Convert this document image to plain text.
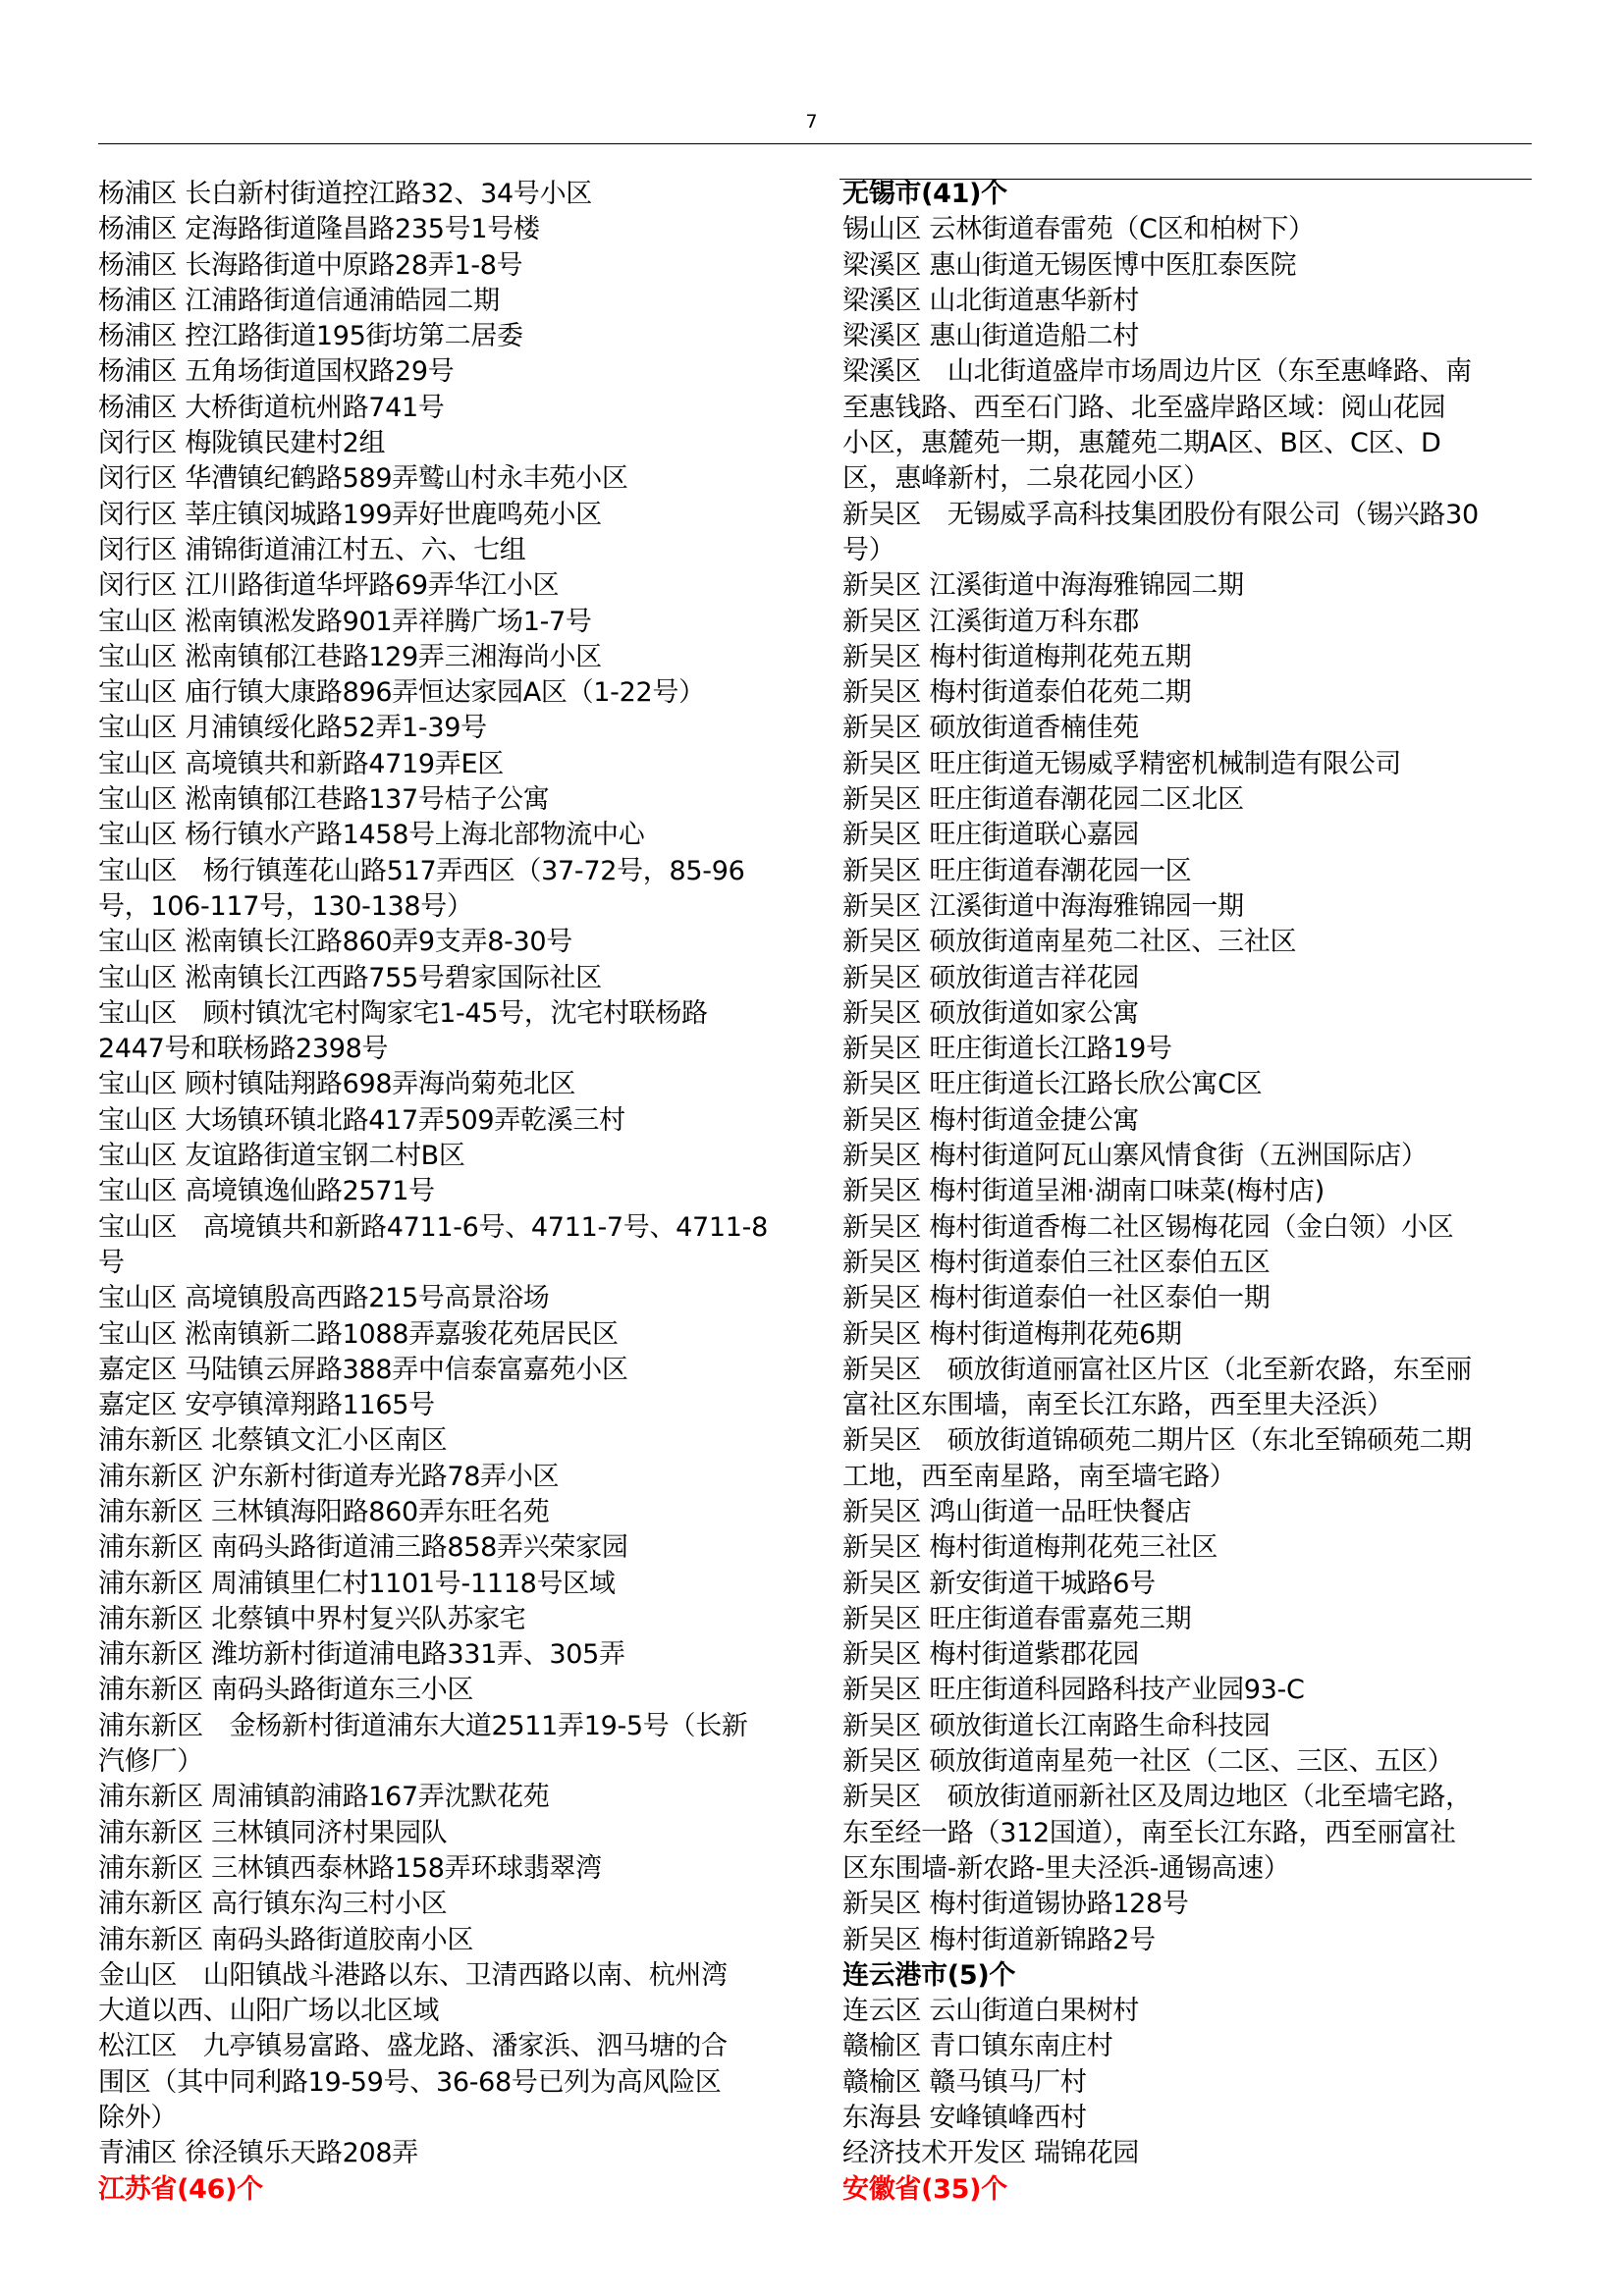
7
杨浦区 长白新村街道控江路32、34号小区
杨浦区 定海路街道隆昌路235号1号楼
杨浦区 长海路街道中原路28弄1-8号
杨浦区 江浦路街道信通浦皓园二期
杨浦区 控江路街道195街坊第二居委
杨浦区 五角场街道国权路29号
杨浦区 大桥街道杭州路741号
闵行区 梅陇镇民建村2组
闵行区 华漕镇纪鹤路589弄鹫山村永丰苑小区
闵行区 莘庄镇闵城路199弄好世鹿鸣苑小区
闵行区 浦锦街道浦江村五、六、七组
闵行区 江川路街道华坪路69弄华江小区
宝山区 淞南镇淞发路901弄祥腾广场1-7号
宝山区 淞南镇郁江巷路129弄三湘海尚小区
宝山区 庙行镇大康路896弄恒达家园A区（1-22号）
宝山区 月浦镇绥化路52弄1-39号
宝山区 高境镇共和新路4719弄E区
宝山区 淞南镇郁江巷路137号桔子公寓
宝山区 杨行镇水产路1458号上海北部物流中心
宝山区　杨行镇莲花山路517弄西区（37-72号，85-96
号，106-117号，130-138号）
宝山区 淞南镇长江路860弄9支弄8-30号
宝山区 淞南镇长江西路755号碧家国际社区
宝山区　顾村镇沈宅村陶家宅1-45号，沈宅村联杨路
2447号和联杨路2398号
宝山区 顾村镇陆翔路698弄海尚菊苑北区
宝山区 大场镇环镇北路417弄509弄乾溪三村
宝山区 友谊路街道宝钢二村B区
宝山区 高境镇逸仙路2571号
宝山区　高境镇共和新路4711-6号、4711-7号、4711-8
号
宝山区 高境镇殷高西路215号高景浴场
宝山区 淞南镇新二路1088弄嘉骏花苑居民区
嘉定区 马陆镇云屏路388弄中信泰富嘉苑小区
嘉定区 安亭镇漳翔路1165号
浦东新区 北蔡镇文汇小区南区
浦东新区 沪东新村街道寿光路78弄小区
浦东新区 三林镇海阳路860弄东旺名苑
浦东新区 南码头路街道浦三路858弄兴荣家园
浦东新区 周浦镇里仁村1101号-1118号区域
浦东新区 北蔡镇中界村复兴队苏家宅
浦东新区 潍坊新村街道浦电路331弄、305弄
浦东新区 南码头路街道东三小区
浦东新区　金杨新村街道浦东大道2511弄19-5号（长新
汽修厂）
浦东新区 周浦镇韵浦路167弄沈默花苑
浦东新区 三林镇同济村果园队
浦东新区 三林镇西泰林路158弄环球翡翠湾
浦东新区 高行镇东沟三村小区
浦东新区 南码头路街道胶南小区
金山区　山阳镇战斗港路以东、卫清西路以南、杭州湾
大道以西、山阳广场以北区域
松江区　九亭镇易富路、盛龙路、潘家浜、泗马塘的合
围区（其中同利路19-59号、36-68号已列为高风险区
除外）
青浦区 徐泾镇乐天路208弄
江苏省(46)个
无锡市(41)个
锡山区 云林街道春雷苑（C区和柏树下）
梁溪区 惠山街道无锡医博中医肛泰医院
梁溪区 山北街道惠华新村
梁溪区 惠山街道造船二村
梁溪区　山北街道盛岸市场周边片区（东至惠峰路、南
至惠钱路、西至石门路、北至盛岸路区域：阅山花园
小区，惠麓苑一期，惠麓苑二期A区、B区、C区、D
区，惠峰新村，二泉花园小区）
新吴区　无锡威孚高科技集团股份有限公司（锡兴路30
号）
新吴区 江溪街道中海海雅锦园二期
新吴区 江溪街道万科东郡
新吴区 梅村街道梅荆花苑五期
新吴区 梅村街道泰伯花苑二期
新吴区 硕放街道香楠佳苑
新吴区 旺庄街道无锡威孚精密机械制造有限公司
新吴区 旺庄街道春潮花园二区北区
新吴区 旺庄街道联心嘉园
新吴区 旺庄街道春潮花园一区
新吴区 江溪街道中海海雅锦园一期
新吴区 硕放街道南星苑二社区、三社区
新吴区 硕放街道吉祥花园
新吴区 硕放街道如家公寓
新吴区 旺庄街道长江路19号
新吴区 旺庄街道长江路长欣公寓C区
新吴区 梅村街道金捷公寓
新吴区 梅村街道阿瓦山寨风情食街（五洲国际店）
新吴区 梅村街道呈湘·湖南口味菜(梅村店)
新吴区 梅村街道香梅二社区锡梅花园（金白领）小区
新吴区 梅村街道泰伯三社区泰伯五区
新吴区 梅村街道泰伯一社区泰伯一期
新吴区 梅村街道梅荆花苑6期
新吴区　硕放街道丽富社区片区（北至新农路，东至丽
富社区东围墙，南至长江东路，西至里夫泾浜）
新吴区　硕放街道锦硕苑二期片区（东北至锦硕苑二期
工地，西至南星路，南至墙宅路）
新吴区 鸿山街道一品旺快餐店
新吴区 梅村街道梅荆花苑三社区
新吴区 新安街道干城路6号
新吴区 旺庄街道春雷嘉苑三期
新吴区 梅村街道紫郡花园
新吴区 旺庄街道科园路科技产业园93-C
新吴区 硕放街道长江南路生命科技园
新吴区 硕放街道南星苑一社区（二区、三区、五区）
新吴区　硕放街道丽新社区及周边地区（北至墙宅路，
东至经一路（312国道），南至长江东路，西至丽富社
区东围墙-新农路-里夫泾浜-通锡高速）
新吴区 梅村街道锡协路128号
新吴区 梅村街道新锦路2号
连云港市(5)个
连云区 云山街道白果树村
赣榆区 青口镇东南庄村
赣榆区 赣马镇马厂村
东海县 安峰镇峰西村
经济技术开发区 瑞锦花园
安徽省(35)个
